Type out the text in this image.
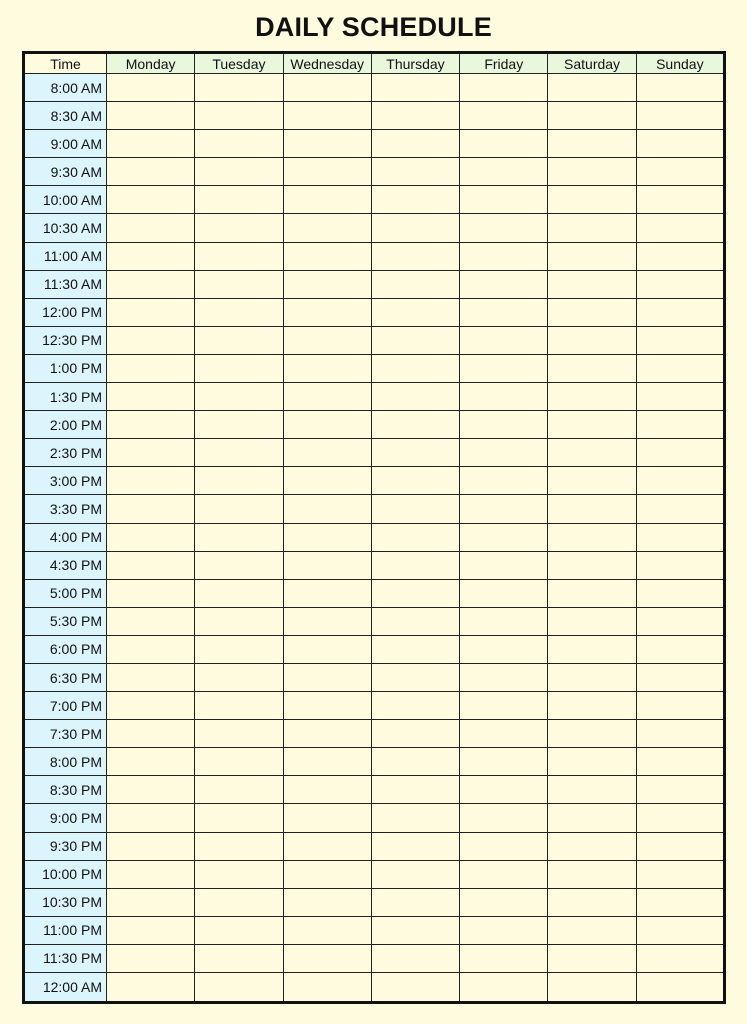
DAILY SCHEDULE
Time	Monday	Tuesday	Wednesday	Thursday	Friday	Saturday	Sunday
8:00 AM							
8:30 AM							
9:00 AM							
9:30 AM							
10:00 AM							
10:30 AM							
11:00 AM							
11:30 AM							
12:00 PM							
12:30 PM							
1:00 PM							
1:30 PM							
2:00 PM							
2:30 PM							
3:00 PM							
3:30 PM							
4:00 PM							
4:30 PM							
5:00 PM							
5:30 PM							
6:00 PM							
6:30 PM							
7:00 PM							
7:30 PM							
8:00 PM							
8:30 PM							
9:00 PM							
9:30 PM							
10:00 PM							
10:30 PM							
11:00 PM							
11:30 PM							
12:00 AM							
